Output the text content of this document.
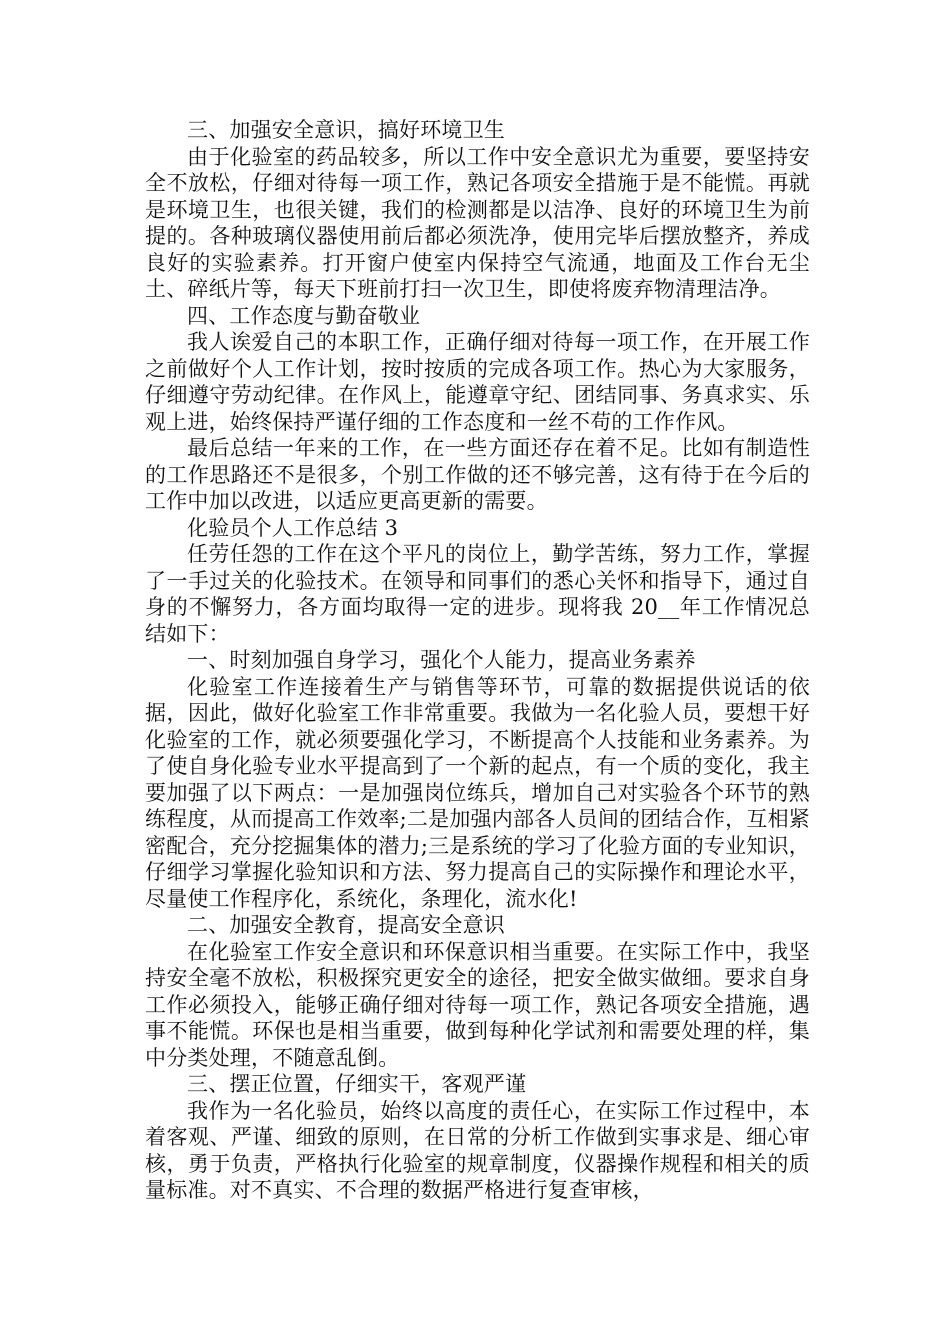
三、加强安全意识，搞好环境卫生

由于化验室的药品较多，所以工作中安全意识尤为重要，要坚持安全不放松，仔细对待每一项工作，熟记各项安全措施于是不能慌。再就是环境卫生，也很关键，我们的检测都是以洁净、良好的环境卫生为前提的。各种玻璃仪器使用前后都必须洗净，使用完毕后摆放整齐，养成良好的实验素养。打开窗户使室内保持空气流通，地面及工作台无尘土、碎纸片等，每天下班前打扫一次卫生，即使将废弃物清理洁净。

四、工作态度与勤奋敬业

我人诶爱自己的本职工作，正确仔细对待每一项工作，在开展工作之前做好个人工作计划，按时按质的完成各项工作。热心为大家服务，仔细遵守劳动纪律。在作风上，能遵章守纪、团结同事、务真求实、乐观上进，始终保持严谨仔细的工作态度和一丝不苟的工作作风。

最后总结一年来的工作，在一些方面还存在着不足。比如有制造性的工作思路还不是很多，个别工作做的还不够完善，这有待于在今后的工作中加以改进，以适应更高更新的需要。

化验员个人工作总结 3

任劳任怨的工作在这个平凡的岗位上，勤学苦练，努力工作，掌握了一手过关的化验技术。在领导和同事们的悉心关怀和指导下，通过自身的不懈努力，各方面均取得一定的进步。现将我 20__年工作情况总结如下：

一、时刻加强自身学习，强化个人能力，提高业务素养

化验室工作连接着生产与销售等环节，可靠的数据提供说话的依据，因此，做好化验室工作非常重要。我做为一名化验人员，要想干好化验室的工作，就必须要强化学习，不断提高个人技能和业务素养。为了使自身化验专业水平提高到了一个新的起点，有一个质的变化，我主要加强了以下两点：一是加强岗位练兵，增加自己对实验各个环节的熟练程度，从而提高工作效率;二是加强内部各人员间的团结合作，互相紧密配合，充分挖掘集体的潜力;三是系统的学习了化验方面的专业知识，仔细学习掌握化验知识和方法、努力提高自己的实际操作和理论水平，尽量使工作程序化，系统化，条理化，流水化!

二、加强安全教育，提高安全意识

在化验室工作安全意识和环保意识相当重要。在实际工作中，我坚持安全毫不放松，积极探究更安全的途径，把安全做实做细。要求自身工作必须投入，能够正确仔细对待每一项工作，熟记各项安全措施，遇事不能慌。环保也是相当重要，做到每种化学试剂和需要处理的样，集中分类处理，不随意乱倒。

三、摆正位置，仔细实干，客观严谨

我作为一名化验员，始终以高度的责任心，在实际工作过程中，本着客观、严谨、细致的原则，在日常的分析工作做到实事求是、细心审核，勇于负责，严格执行化验室的规章制度，仪器操作规程和相关的质量标准。对不真实、不合理的数据严格进行复查审核，
